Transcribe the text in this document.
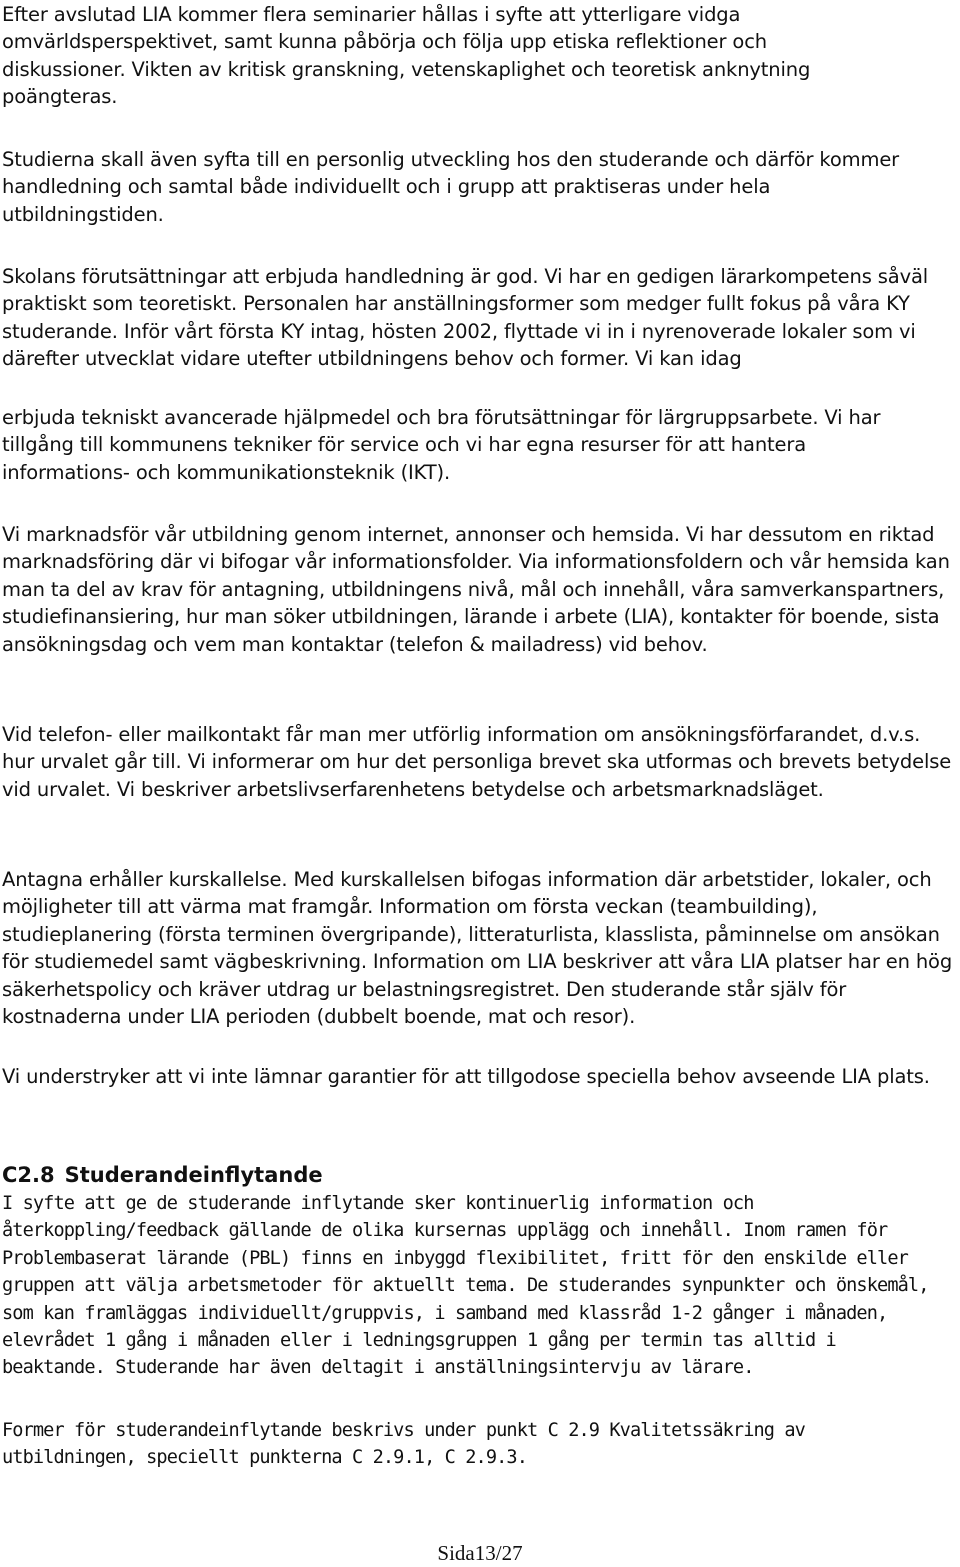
Efter avslutad LIA kommer flera seminarier hållas i syfte att ytterligare vidga omvärldsperspektivet, samt kunna påbörja och följa upp etiska reflektioner och diskussioner. Vikten av kritisk granskning, vetenskaplighet och teoretisk anknytning poängteras.

Studierna skall även syfta till en personlig utveckling hos den studerande och därför kommer handledning och samtal både individuellt och i grupp att praktiseras under hela utbildningstiden.

Skolans förutsättningar att erbjuda handledning är god. Vi har en gedigen lärarkompetens såväl praktiskt som teoretiskt. Personalen har anställningsformer som medger fullt fokus på våra KY studerande. Inför vårt första KY intag, hösten 2002, flyttade vi in i nyrenoverade lokaler som vi därefter utvecklat vidare utefter utbildningens behov och former. Vi kan idag

erbjuda tekniskt avancerade hjälpmedel och bra förutsättningar för lärgruppsarbete. Vi har tillgång till kommunens tekniker för service och vi har egna resurser för att hantera informations- och kommunikationsteknik (IKT).

Vi marknadsför vår utbildning genom internet, annonser och hemsida. Vi har dessutom en riktad marknadsföring där vi bifogar vår informationsfolder. Via informationsfoldern och vår hemsida kan man ta del av krav för antagning, utbildningens nivå, mål och innehåll, våra samverkanspartners, studiefinansiering, hur man söker utbildningen, lärande i arbete (LIA), kontakter för boende, sista ansökningsdag och vem man kontaktar (telefon & mailadress) vid behov.

Vid telefon- eller mailkontakt får man mer utförlig information om ansökningsförfarandet, d.v.s. hur urvalet går till. Vi informerar om hur det personliga brevet ska utformas och brevets betydelse vid urvalet. Vi beskriver arbetslivserfarenhetens betydelse och arbetsmarknadsläget.

Antagna erhåller kurskallelse. Med kurskallelsen bifogas information där arbetstider, lokaler, och möjligheter till att värma mat framgår. Information om första veckan (teambuilding), studieplanering (första terminen övergripande), litteraturlista, klasslista, påminnelse om ansökan för studiemedel samt vägbeskrivning. Information om LIA beskriver att våra LIA platser har en hög säkerhetspolicy och kräver utdrag ur belastningsregistret. Den studerande står själv för kostnaderna under LIA perioden (dubbelt boende, mat och resor).

Vi understryker att vi inte lämnar garantier för att tillgodose speciella behov avseende LIA plats.

C2.8 Studerandeinflytande

I syfte att ge de studerande inflytande sker kontinuerlig information och återkoppling/feedback gällande de olika kursernas upplägg och innehåll. Inom ramen för Problembaserat lärande (PBL) finns en inbyggd flexibilitet, fritt för den enskilde eller gruppen att välja arbetsmetoder för aktuellt tema. De studerandes synpunkter och önskemål, som kan framläggas individuellt/gruppvis, i samband med klassråd 1-2 gånger i månaden, elevrådet 1 gång i månaden eller i ledningsgruppen 1 gång per termin tas alltid i beaktande. Studerande har även deltagit i anställningsintervju av lärare.

Former för studerandeinflytande beskrivs under punkt C 2.9 Kvalitetssäkring av utbildningen, speciellt punkterna C 2.9.1, C 2.9.3.

Sida13/27
